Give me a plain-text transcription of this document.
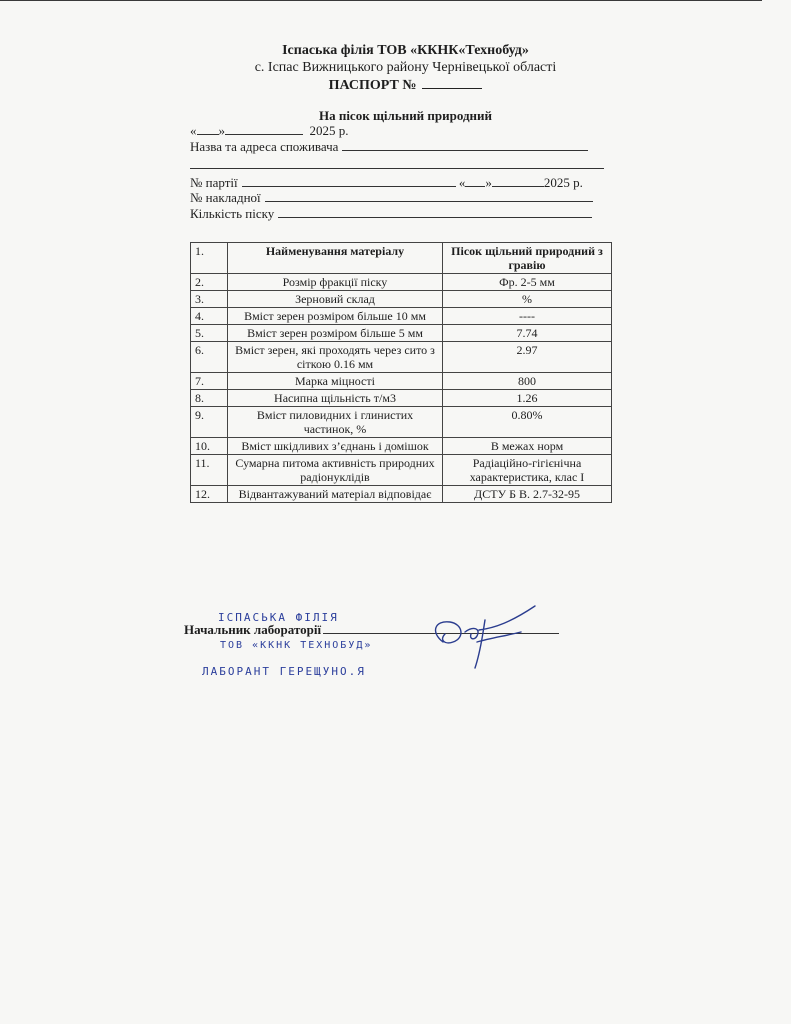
Іспаська філія ТОВ «ККНК«Технобуд»
с. Іспас Вижницького району Чернівецької області
ПАСПОРТ №
На пісок щільний природний
« »	2025 р.
Назва та адреса споживача
№ партії	« »	2025 р.
№ накладної
Кількість піску
1.	Найменування матеріалу	Пісок щільний природний з гравію
2.	Розмір фракції піску	Фр. 2-5 мм
3.	Зерновий склад	%
4.	Вміст зерен розміром більше 10 мм	----
5.	Вміст зерен розміром більше 5 мм	7.74
6.	Вміст зерен, які проходять через сито з сіткою 0.16 мм	2.97
7.	Марка міцності	800
8.	Насипна щільність т/м3	1.26
9.	Вміст пиловидних і глинистих частинок, %	0.80%
10.	Вміст шкідливих з’єднань і домішок	В межах норм
11.	Сумарна питома активність природних радіонуклідів	Радіаційно-гігієнічна характеристика, клас І
12.	Відвантажуваний матеріал відповідає	ДСТУ Б В. 2.7-32-95
ІСПАСЬКА ФІЛІЯ
Начальник лабораторії
ТОВ «ККНК ТЕХНОБУД»
ЛАБОРАНТ ГЕРЕЩУНО.Я
